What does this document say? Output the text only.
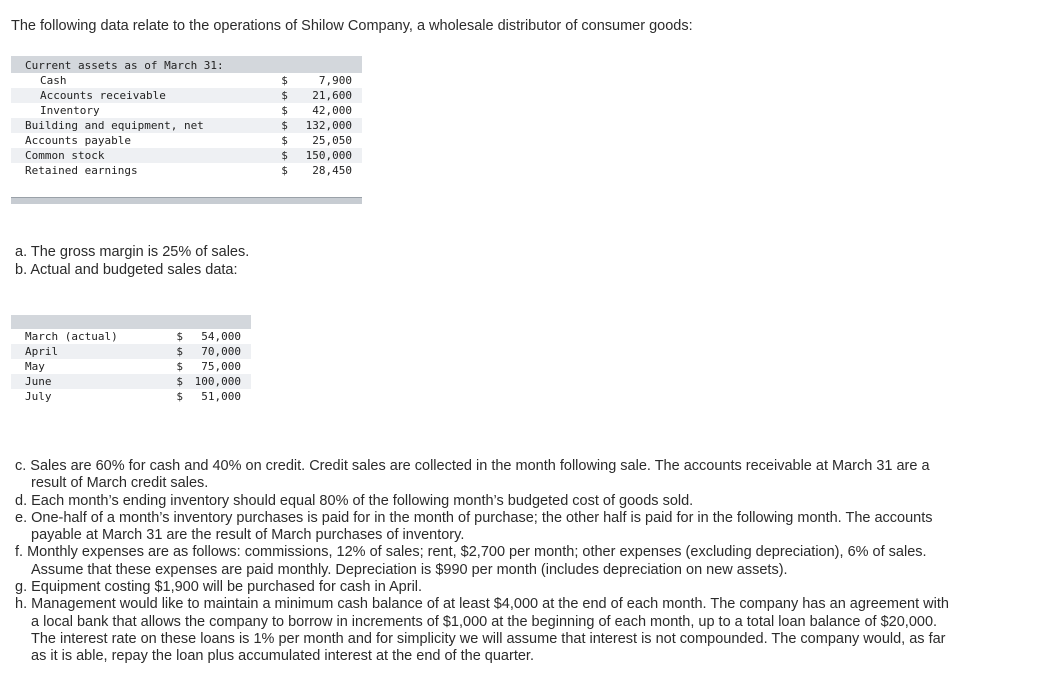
The following data relate to the operations of Shilow Company, a wholesale distributor of consumer goods:
Current assets as of March 31:		
Cash	$	7,900
Accounts receivable	$	21,600
Inventory	$	42,000
Building and equipment, net	$	132,000
Accounts payable	$	25,050
Common stock	$	150,000
Retained earnings	$	28,450

a. The gross margin is 25% of sales.
b. Actual and budgeted sales data:

March (actual)	$	54,000
April	$	70,000
May	$	75,000
June	$	100,000
July	$	51,000
c. Sales are 60% for cash and 40% on credit. Credit sales are collected in the month following sale. The accounts receivable at March 31 are a result of March credit sales.
d. Each month’s ending inventory should equal 80% of the following month’s budgeted cost of goods sold.
e. One-half of a month’s inventory purchases is paid for in the month of purchase; the other half is paid for in the following month. The accounts payable at March 31 are the result of March purchases of inventory.
f. Monthly expenses are as follows: commissions, 12% of sales; rent, $2,700 per month; other expenses (excluding depreciation), 6% of sales. Assume that these expenses are paid monthly. Depreciation is $990 per month (includes depreciation on new assets).
g. Equipment costing $1,900 will be purchased for cash in April.
h. Management would like to maintain a minimum cash balance of at least $4,000 at the end of each month. The company has an agreement with a local bank that allows the company to borrow in increments of $1,000 at the beginning of each month, up to a total loan balance of $20,000. The interest rate on these loans is 1% per month and for simplicity we will assume that interest is not compounded. The company would, as far as it is able, repay the loan plus accumulated interest at the end of the quarter.
